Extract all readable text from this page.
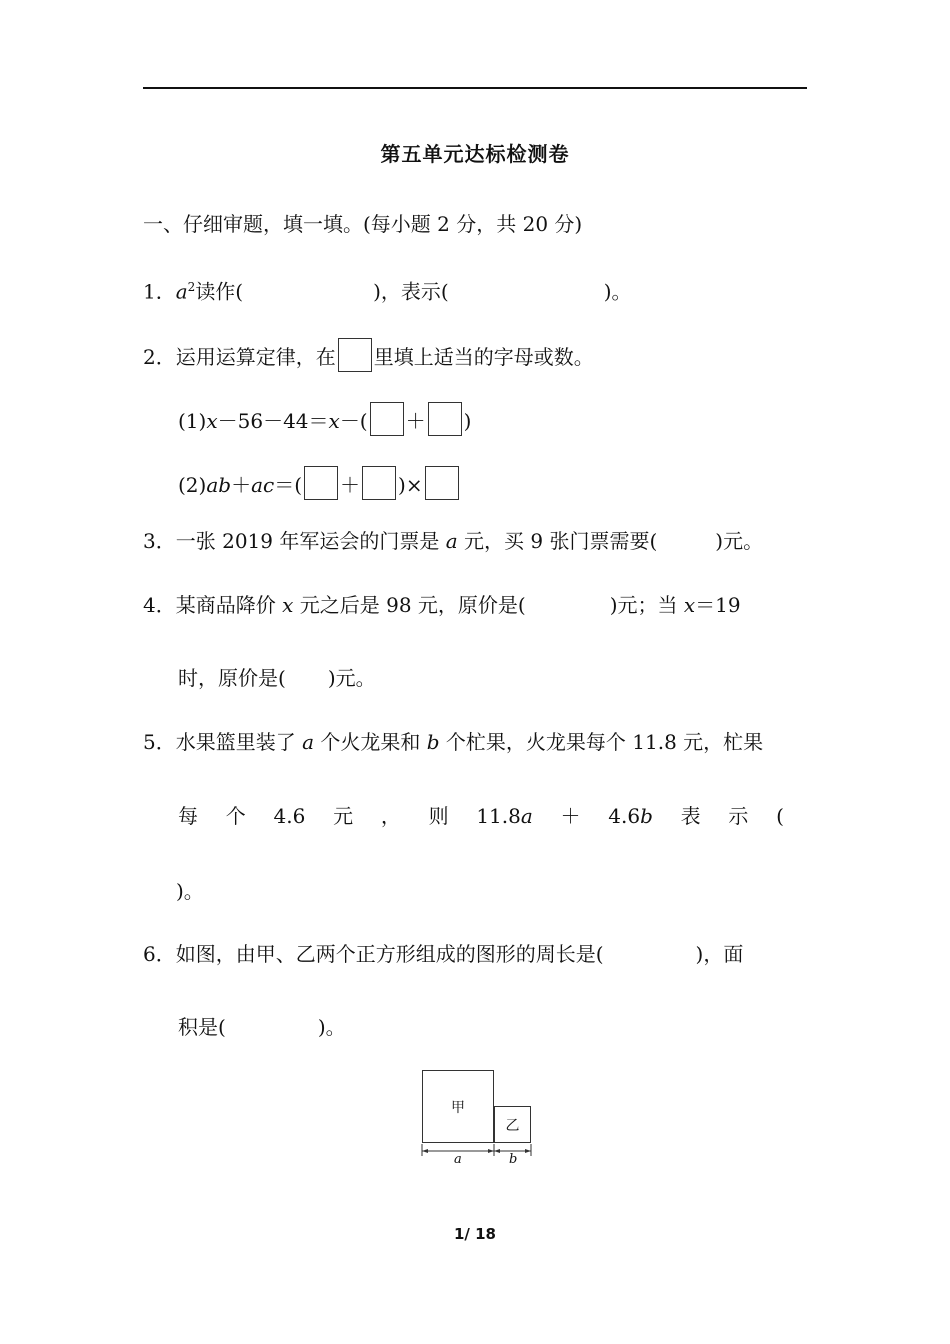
第五单元达标检测卷
一、仔细审题，填一填。(每小题 2 分，共 20 分)
1．$a^2$读作(	)，表示(	)。
2．运用运算定律，在 里填上适当的字母或数。
(1)x－56－44＝x－( ＋ )
(2)ab＋ac＝( ＋ )×
3．一张 2019 年军运会的门票是 a 元，买 9 张门票需要(	)元。
4．某商品降价 x 元之后是 98 元，原价是(	)元；当 x＝19
时，原价是( )元。
5．水果篮里装了 a 个火龙果和 b 个杧果，火龙果每个 11.8 元，杧果
每 个 4.6 元 ， 则 11.8a ＋ 4.6b 表 示 (
)。
6．如图，由甲、乙两个正方形组成的图形的周长是(	)，面
积是(	)。
甲
乙
a	b
1/ 18
